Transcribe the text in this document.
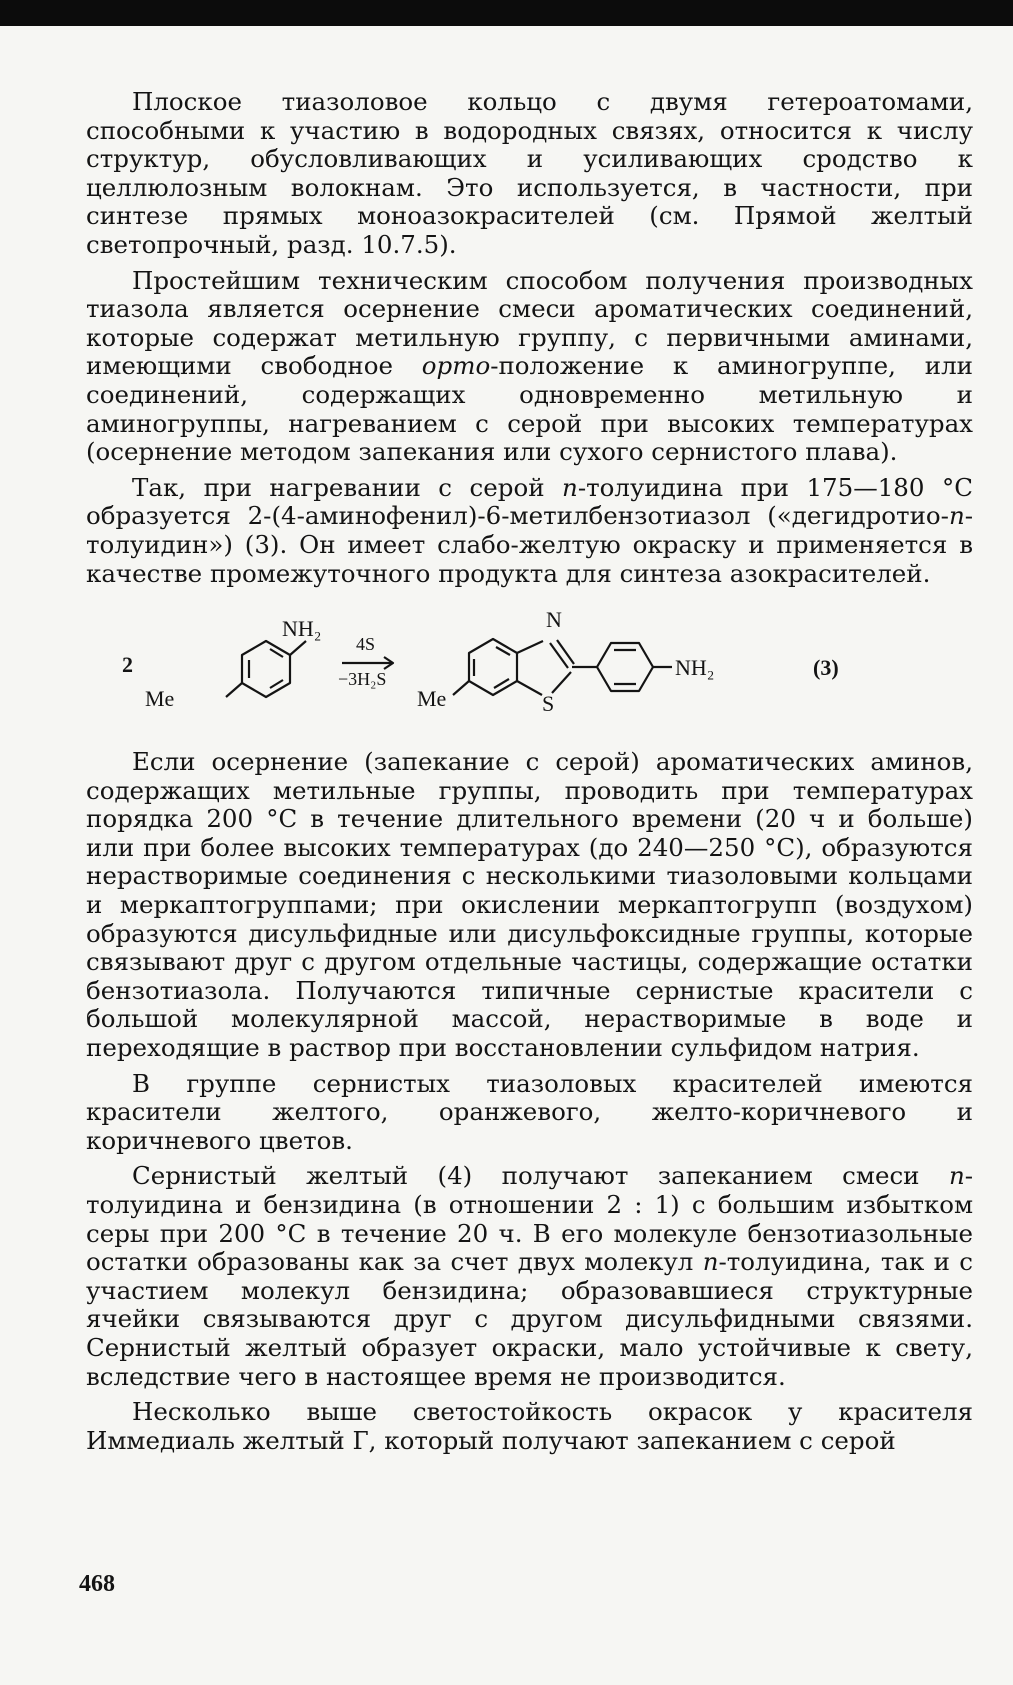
Плоское тиазоловое кольцо с двумя гетероатомами, способными к участию в водородных связях, относится к числу структур, обусловливающих и усиливающих сродство к целлюлозным волокнам. Это используется, в частности, при синтезе прямых моноазокрасителей (см. Прямой желтый светопрочный, разд. 10.7.5).

Простейшим техническим способом получения производных тиазола является осернение смеси ароматических соединений, которые содержат метильную группу, с первичными аминами, имеющими свободное орто-положение к аминогруппе, или соединений, содержащих одновременно метильную и аминогруппы, нагреванием с серой при высоких температурах (осернение методом запекания или сухого сернистого плава).

Так, при нагревании с серой п-толуидина при 175—180 °С образуется 2-(4-аминофенил)-6-метилбензотиазол («дегидротио-п-толуидин») (3). Он имеет слабо-желтую окраску и применяется в качестве промежуточного продукта для синтеза азокрасителей.

2
NH₂
Me
4S
−3H₂S
Me
N
S
NH₂	(3)

Если осернение (запекание с серой) ароматических аминов, содержащих метильные группы, проводить при температурах порядка 200 °С в течение длительного времени (20 ч и больше) или при более высоких температурах (до 240—250 °С), образуются нерастворимые соединения с несколькими тиазоловыми кольцами и меркаптогруппами; при окислении меркаптогрупп (воздухом) образуются дисульфидные или дисульфоксидные группы, которые связывают друг с другом отдельные частицы, содержащие остатки бензотиазола. Получаются типичные сернистые красители с большой молекулярной массой, нерастворимые в воде и переходящие в раствор при восстановлении сульфидом натрия.

В группе сернистых тиазоловых красителей имеются красители желтого, оранжевого, желто-коричневого и коричневого цветов.

Сернистый желтый (4) получают запеканием смеси п-толуидина и бензидина (в отношении 2 : 1) с большим избытком серы при 200 °С в течение 20 ч. В его молекуле бензотиазольные остатки образованы как за счет двух молекул п-толуидина, так и с участием молекул бензидина; образовавшиеся структурные ячейки связываются друг с другом дисульфидными связями. Сернистый желтый образует окраски, мало устойчивые к свету, вследствие чего в настоящее время не производится.

Несколько выше светостойкость окрасок у красителя Иммедиаль желтый Г, который получают запеканием с серой

468
